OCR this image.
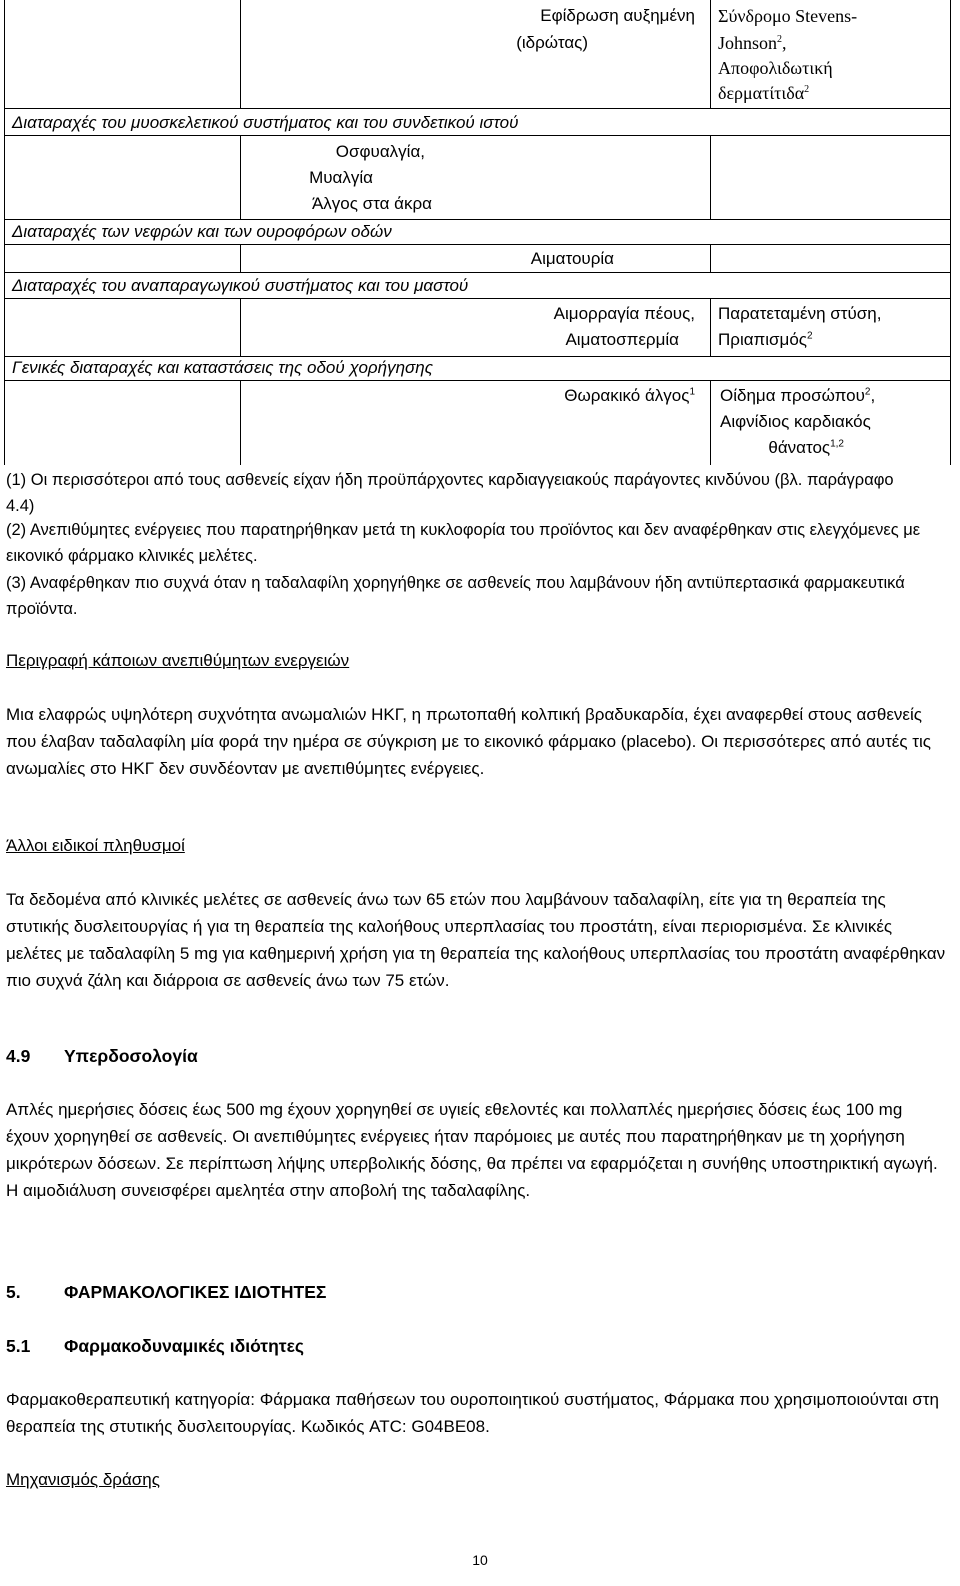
Εφίδρωση αυξημένη
(ιδρώτας)
Σύνδρομο Stevens-
Johnson$^2$,
Αποφολιδωτική
δερματίτιδα$^2$
Διαταραχές του μυοσκελετικού συστήματος και του συνδετικού ιστού
Οσφυαλγία,
Μυαλγία
Άλγος στα άκρα
Διαταραχές των νεφρών και των ουροφόρων οδών
Αιματουρία
Διαταραχές του αναπαραγωγικού συστήματος και του μαστού
Αιμορραγία πέους,
Αιματοσπερμία
Παρατεταμένη στύση,
Πριαπισμός$^2$
Γενικές διαταραχές και καταστάσεις της οδού χορήγησης
Θωρακικό άλγος$^1$ Οίδημα προσώπου$^2$,
Αιφνίδιος καρδιακός
θάνατος$^{1,2}$

(1) Οι περισσότεροι από τους ασθενείς είχαν ήδη προϋπάρχοντες καρδιαγγειακούς παράγοντες κινδύνου (βλ. παράγραφο 4.4)

(2) Ανεπιθύμητες ενέργειες που παρατηρήθηκαν μετά τη κυκλοφορία του προϊόντος και δεν αναφέρθηκαν στις ελεγχόμενες με εικονικό φάρμακο κλινικές μελέτες.

(3) Αναφέρθηκαν πιο συχνά όταν η ταδαλαφίλη χορηγήθηκε σε ασθενείς που λαμβάνουν ήδη αντιϋπερτασικά φαρμακευτικά προϊόντα.

Περιγραφή κάποιων ανεπιθύμητων ενεργειών

Μια ελαφρώς υψηλότερη συχνότητα ανωμαλιών ΗΚΓ, η πρωτοπαθή κολπική βραδυκαρδία, έχει αναφερθεί στους ασθενείς που έλαβαν ταδαλαφίλη μία φορά την ημέρα σε σύγκριση με το εικονικό φάρμακο (placebo). Οι περισσότερες από αυτές τις ανωμαλίες στο ΗΚΓ δεν συνδέονταν με ανεπιθύμητες ενέργειες.

Άλλοι ειδικοί πληθυσμοί

Τα δεδομένα από κλινικές μελέτες σε ασθενείς άνω των 65 ετών που λαμβάνουν ταδαλαφίλη, είτε για τη θεραπεία της στυτικής δυσλειτουργίας ή για τη θεραπεία της καλοήθους υπερπλασίας του προστάτη, είναι περιορισμένα. Σε κλινικές μελέτες με ταδαλαφίλη 5 mg για καθημερινή χρήση για τη θεραπεία της καλοήθους υπερπλασίας του προστάτη αναφέρθηκαν πιο συχνά ζάλη και διάρροια σε ασθενείς άνω των 75 ετών.

4.9 Υπερδοσολογία

Απλές ημερήσιες δόσεις έως 500 mg έχουν χορηγηθεί σε υγιείς εθελοντές και πολλαπλές ημερήσιες δόσεις έως 100 mg έχουν χορηγηθεί σε ασθενείς. Οι ανεπιθύμητες ενέργειες ήταν παρόμοιες με αυτές που παρατηρήθηκαν με τη χορήγηση μικρότερων δόσεων. Σε περίπτωση λήψης υπερβολικής δόσης, θα πρέπει να εφαρμόζεται η συνήθης υποστηρικτική αγωγή. Η αιμοδιάλυση συνεισφέρει αμελητέα στην αποβολή της ταδαλαφίλης.

5. ΦΑΡΜΑΚΟΛΟΓΙΚΕΣ ΙΔΙΟΤΗΤΕΣ

5.1 Φαρμακοδυναμικές ιδιότητες

Φαρμακοθεραπευτική κατηγορία: Φάρμακα παθήσεων του ουροποιητικού συστήματος, Φάρμακα που χρησιμοποιούνται στη θεραπεία της στυτικής δυσλειτουργίας. Κωδικός ATC: G04BE08.

Μηχανισμός δράσης

10
